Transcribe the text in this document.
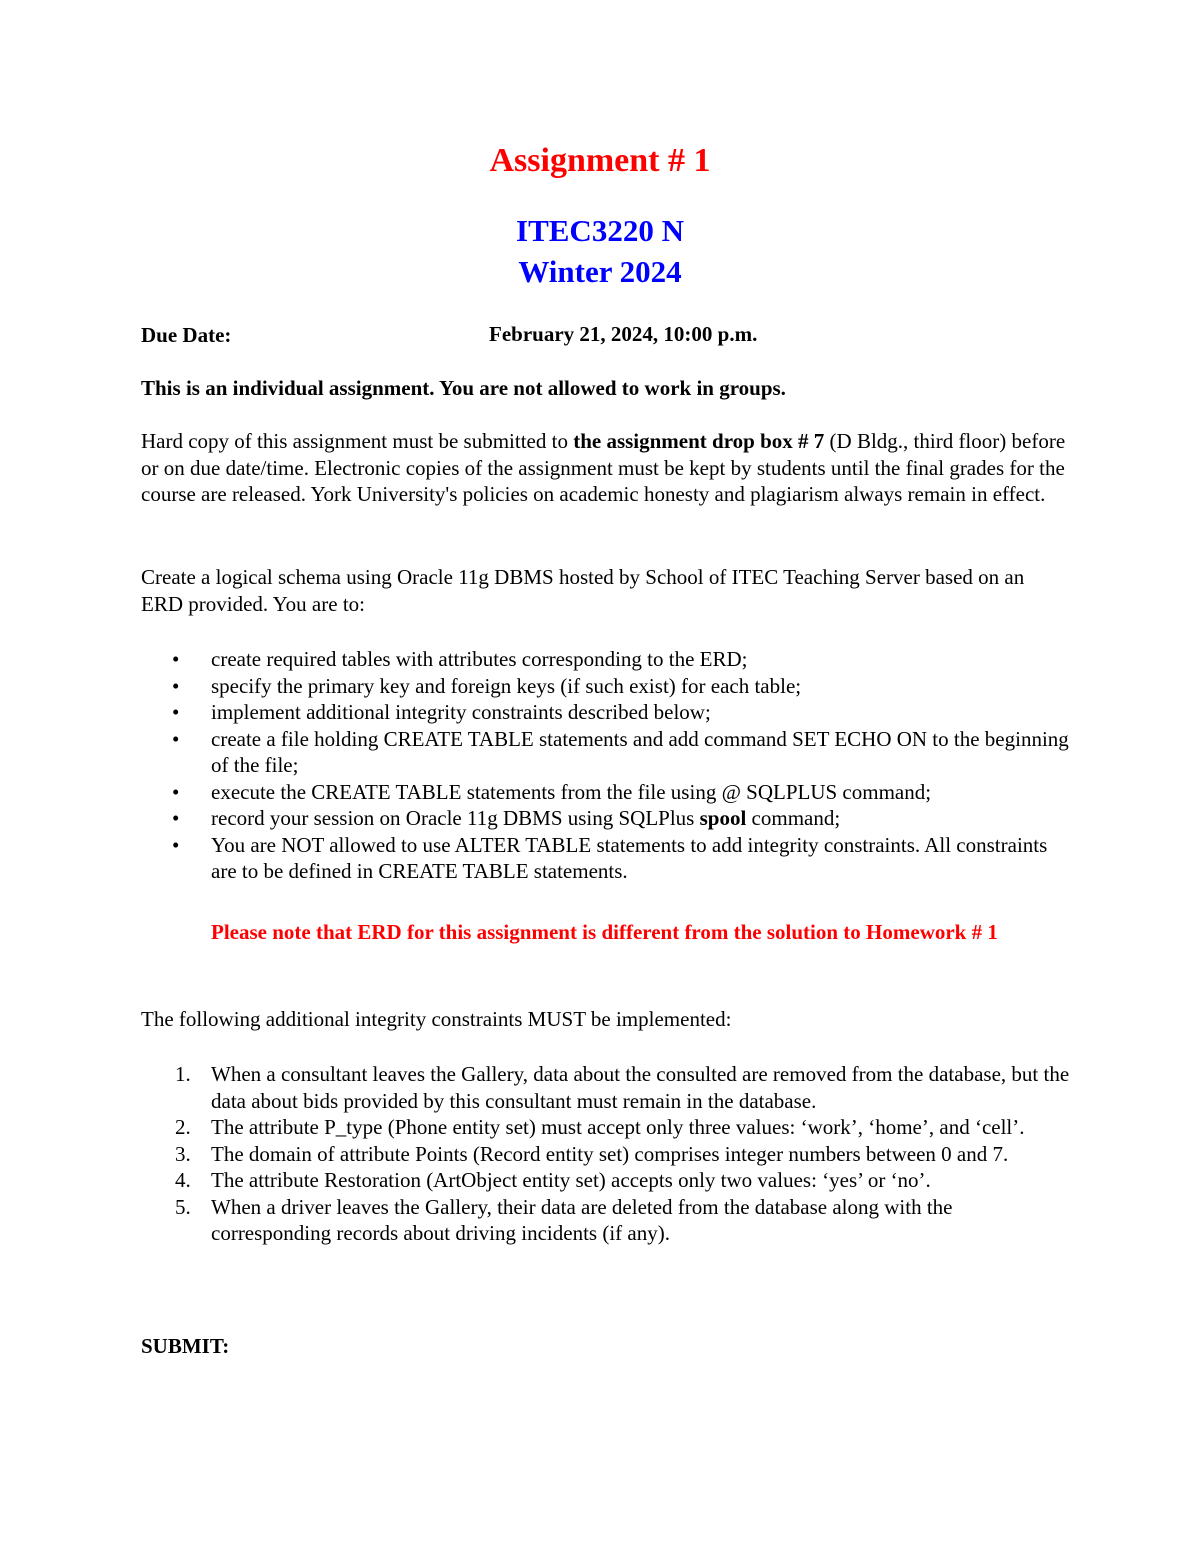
Assignment # 1
ITEC3220 N
Winter 2024

Due Date:	February 21, 2024, 10:00 p.m.

This is an individual assignment. You are not allowed to work in groups.

Hard copy of this assignment must be submitted to the assignment drop box # 7 (D Bldg., third floor) before or on due date/time. Electronic copies of the assignment must be kept by students until the final grades for the course are released. York University's policies on academic honesty and plagiarism always remain in effect.

Create a logical schema using Oracle 11g DBMS hosted by School of ITEC Teaching Server based on an ERD provided. You are to:

• create required tables with attributes corresponding to the ERD;
• specify the primary key and foreign keys (if such exist) for each table;
• implement additional integrity constraints described below;
• create a file holding CREATE TABLE statements and add command SET ECHO ON to the beginning of the file;
• execute the CREATE TABLE statements from the file using @ SQLPLUS command;
• record your session on Oracle 11g DBMS using SQLPlus spool command;
• You are NOT allowed to use ALTER TABLE statements to add integrity constraints. All constraints are to be defined in CREATE TABLE statements.

Please note that ERD for this assignment is different from the solution to Homework # 1

The following additional integrity constraints MUST be implemented:

1. When a consultant leaves the Gallery, data about the consulted are removed from the database, but the data about bids provided by this consultant must remain in the database.
2. The attribute P_type (Phone entity set) must accept only three values: ‘work’, ‘home’, and ‘cell’.
3. The domain of attribute Points (Record entity set) comprises integer numbers between 0 and 7.
4. The attribute Restoration (ArtObject entity set) accepts only two values: ‘yes’ or ‘no’.
5. When a driver leaves the Gallery, their data are deleted from the database along with the corresponding records about driving incidents (if any).

SUBMIT:
